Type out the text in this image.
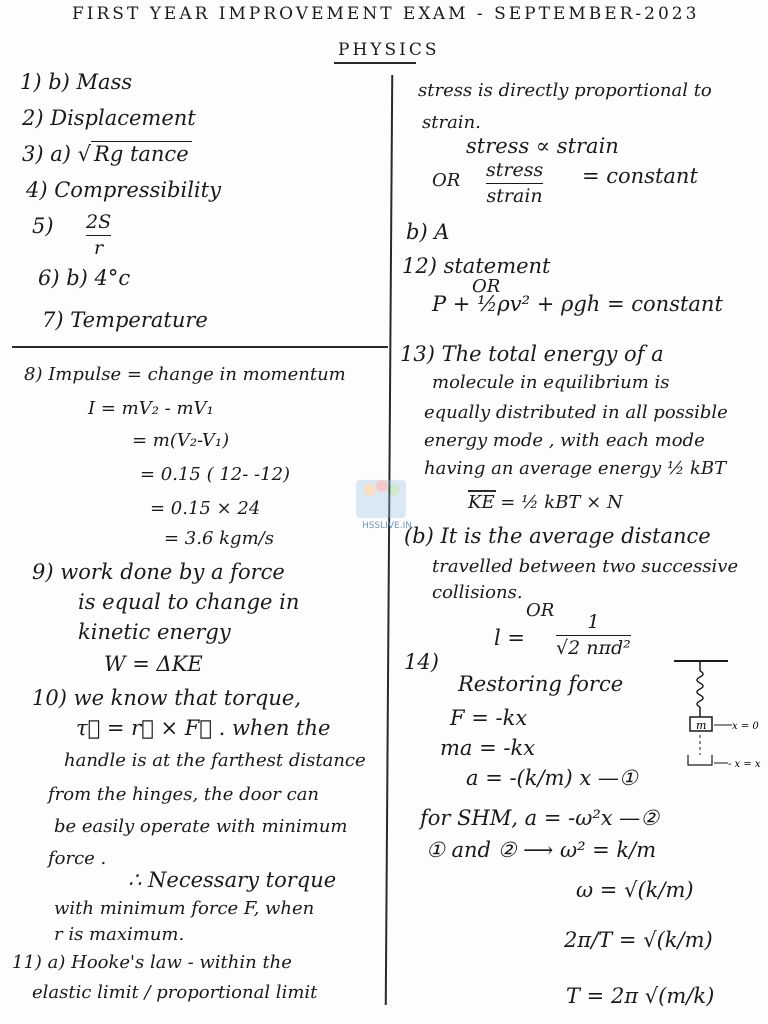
FIRST YEAR IMPROVEMENT EXAM - SEPTEMBER-2023
PHYSICS
1) b) Mass
2) Displacement
3) a) √ Rg tance
4) Compressibility
5) 2S
r
6) b) 4°c
7) Temperature
8) Impulse = change in momentum
I = mV₂ - mV₁
= m(V₂-V₁)
= 0.15 ( 12- -12)
= 0.15 × 24
= 3.6 kgm/s
9) work done by a force
is equal to change in
kinetic energy
W = ΔKE
10) we know that torque,
τ⃗ = r⃗ × F⃗ . when the
handle is at the farthest distance
from the hinges, the door can
be easily operate with minimum
force .
∴ Necessary torque
with minimum force F, when
r is maximum.
11) a) Hooke's law - within the
elastic limit / proportional limit
stress is directly proportional to
strain.
stress ∝ strain
OR stress
strain
= constant
b) A
12) statement
OR
P + ½ρv² + ρgh = constant
13) The total energy of a
molecule in equilibrium is
equally distributed in all possible
energy mode , with each mode
having an average energy ½ kBT
KE = ½ kBT × N
(b) It is the average distance
travelled between two successive
collisions.
OR
l =
1
√2 nπd²
14)
Restoring force
F = -kx
ma = -kx
a = -(k/m) x —①
for SHM, a = -ω²x —②
① and ② ⟶ ω² = k/m
ω = √(k/m)
2π/T = √(k/m)
T = 2π √(m/k)
m	x = 0
- x = x
HSSLIVE.IN
